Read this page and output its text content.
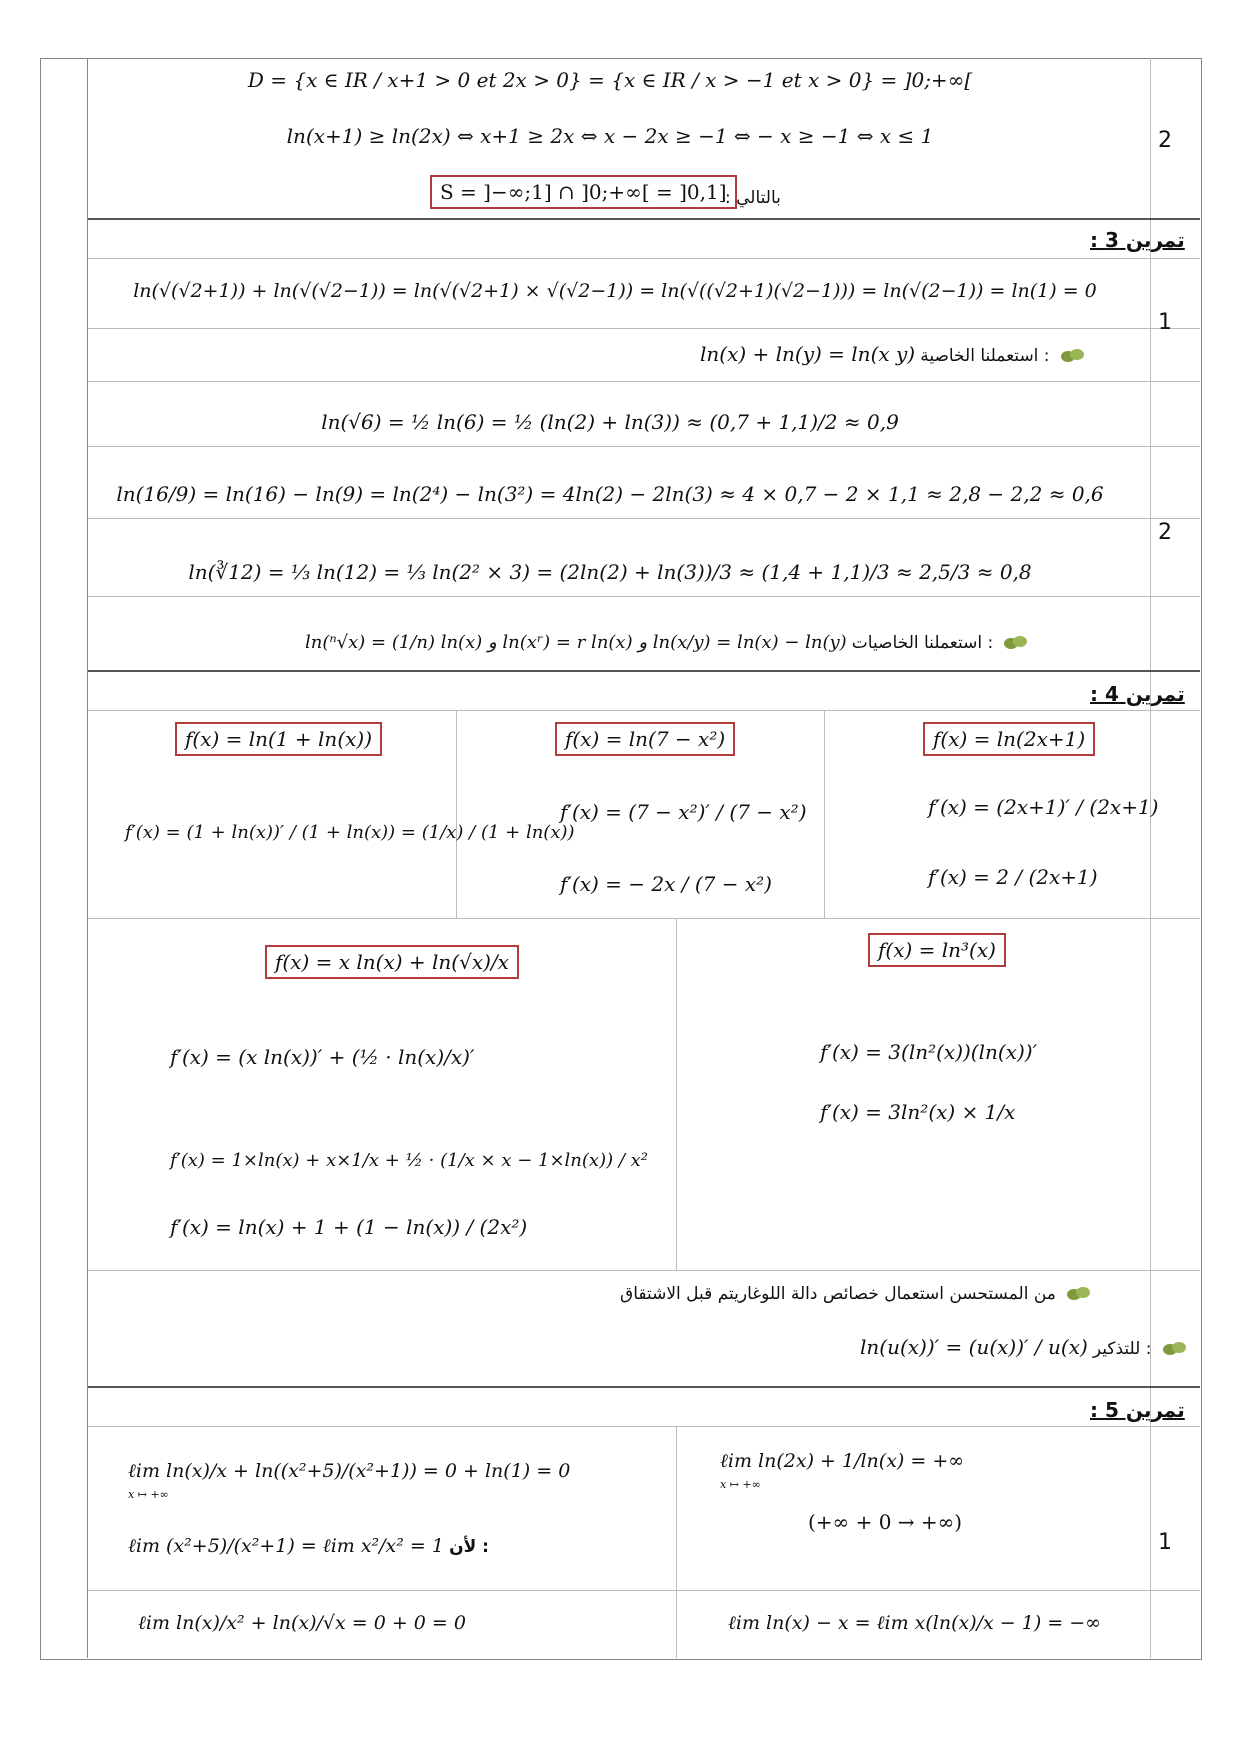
D = {x ∈ IR / x+1 > 0 et 2x > 0} = {x ∈ IR / x > −1 et x > 0} = ]0;+∞[
ln(x+1) ≥ ln(2x) ⇔ x+1 ≥ 2x ⇔ x − 2x ≥ −1 ⇔ − x ≥ −1 ⇔ x ≤ 1
S = ]−∞;1] ∩ ]0;+∞[ = ]0,1]
بالتالي :
2
تمرين 3 :
ln(√(√2+1)) + ln(√(√2−1)) = ln(√(√2+1) × √(√2−1)) = ln(√((√2+1)(√2−1))) = ln(√(2−1)) = ln(1) = 0
1
ln(x) + ln(y) = ln(x y) استعملنا الخاصية :
ln(√6) = ½ ln(6) = ½ (ln(2) + ln(3)) ≈ (0,7 + 1,1)/2 ≈ 0,9
ln(16/9) = ln(16) − ln(9) = ln(2⁴) − ln(3²) = 4ln(2) − 2ln(3) ≈ 4 × 0,7 − 2 × 1,1 ≈ 2,8 − 2,2 ≈ 0,6
ln(∛12) = ⅓ ln(12) = ⅓ ln(2² × 3) = (2ln(2) + ln(3))/3 ≈ (1,4 + 1,1)/3 ≈ 2,5/3 ≈ 0,8
2
ln(ⁿ√x) = (1/n) ln(x) و ln(xʳ) = r ln(x) و ln(x/y) = ln(x) − ln(y) استعملنا الخاصيات :
تمرين 4 :
f(x) = ln(2x+1)
f′(x) = (2x+1)′ / (2x+1)
f′(x) = 2 / (2x+1)
f(x) = ln(7 − x²)
f′(x) = (7 − x²)′ / (7 − x²)
f′(x) = − 2x / (7 − x²)
f(x) = ln(1 + ln(x))
f′(x) = (1 + ln(x))′ / (1 + ln(x)) = (1/x) / (1 + ln(x))
f(x) = ln³(x)
f′(x) = 3(ln²(x))(ln(x))′
f′(x) = 3ln²(x) × 1/x
f(x) = x ln(x) + ln(√x)/x
f′(x) = (x ln(x))′ + (½ · ln(x)/x)′
f′(x) = 1×ln(x) + x×1/x + ½ · (1/x × x − 1×ln(x)) / x²
f′(x) = ln(x) + 1 + (1 − ln(x)) / (2x²)
من المستحسن استعمال خصائص دالة اللوغاريتم قبل الاشتقاق
ln(u(x))′ = (u(x))′ / u(x) للتذكير :
تمرين 5 :
ℓim ln(2x) + 1/ln(x) = +∞
x ↦ +∞
(+∞ + 0 → +∞)
ℓim ln(x)/x + ln((x²+5)/(x²+1)) = 0 + ln(1) = 0
x ↦ +∞
ℓim (x²+5)/(x²+1) = ℓim x²/x² = 1 لأن :	1
ℓim ln(x) − x = ℓim x(ln(x)/x − 1) = −∞
ℓim ln(x)/x² + ln(x)/√x = 0 + 0 = 0
